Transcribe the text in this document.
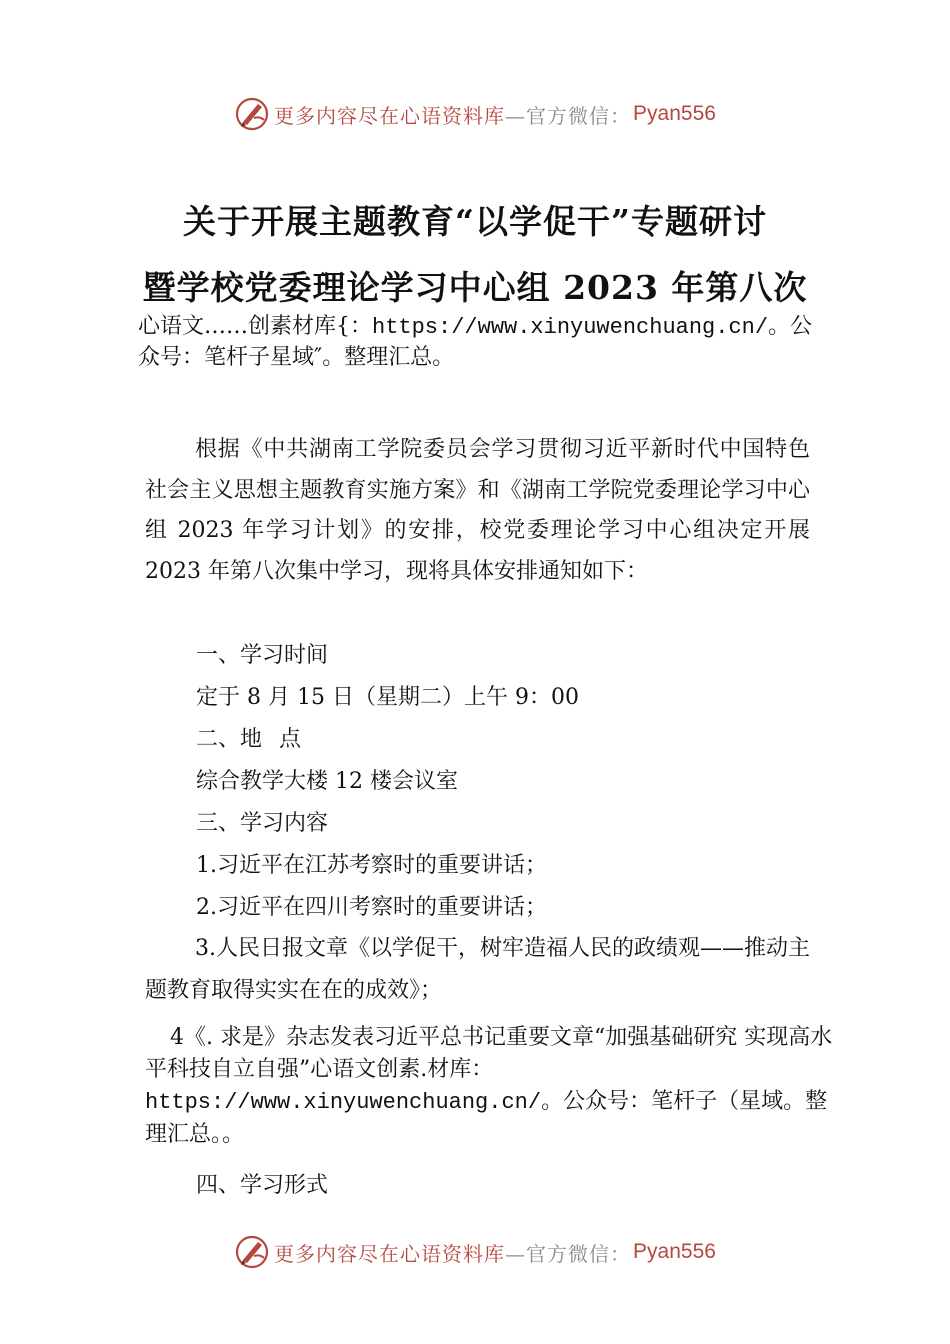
更多内容尽在心语资料库 —官方微信： Pyan556
关于开展主题教育“以学促干”专题研讨
暨学校党委理论学习中心组 2023 年第八次
心语文……创素材库{：https://www.xinyuwenchuang.cn/。公
众号：笔杆子星域″。整理汇总。
根据《中共湖南工学院委员会学习贯彻习近平新时代中国特色社会主义思想主题教育实施方案》和《湖南工学院党委理论学习中心组 2023 年学习计划》的安排，校党委理论学习中心组决定开展 2023 年第八次集中学习，现将具体安排通知如下：
一、学习时间
定于 8 月 15 日（星期二）上午 9：00
二、地 点
综合教学大楼 12 楼会议室
三、学习内容
1.习近平在江苏考察时的重要讲话；
2.习近平在四川考察时的重要讲话；
3.人民日报文章《以学促干，树牢造福人民的政绩观——推动主题教育取得实实在在的成效》；
4《. 求是》杂志发表习近平总书记重要文章“加强基础研究 实现高水平科技自立自强”心语文创素.材库：
https://www.xinyuwenchuang.cn/。公众号：笔杆子（星域。整理汇总。。
四、学习形式
更多内容尽在心语资料库 —官方微信： Pyan556
